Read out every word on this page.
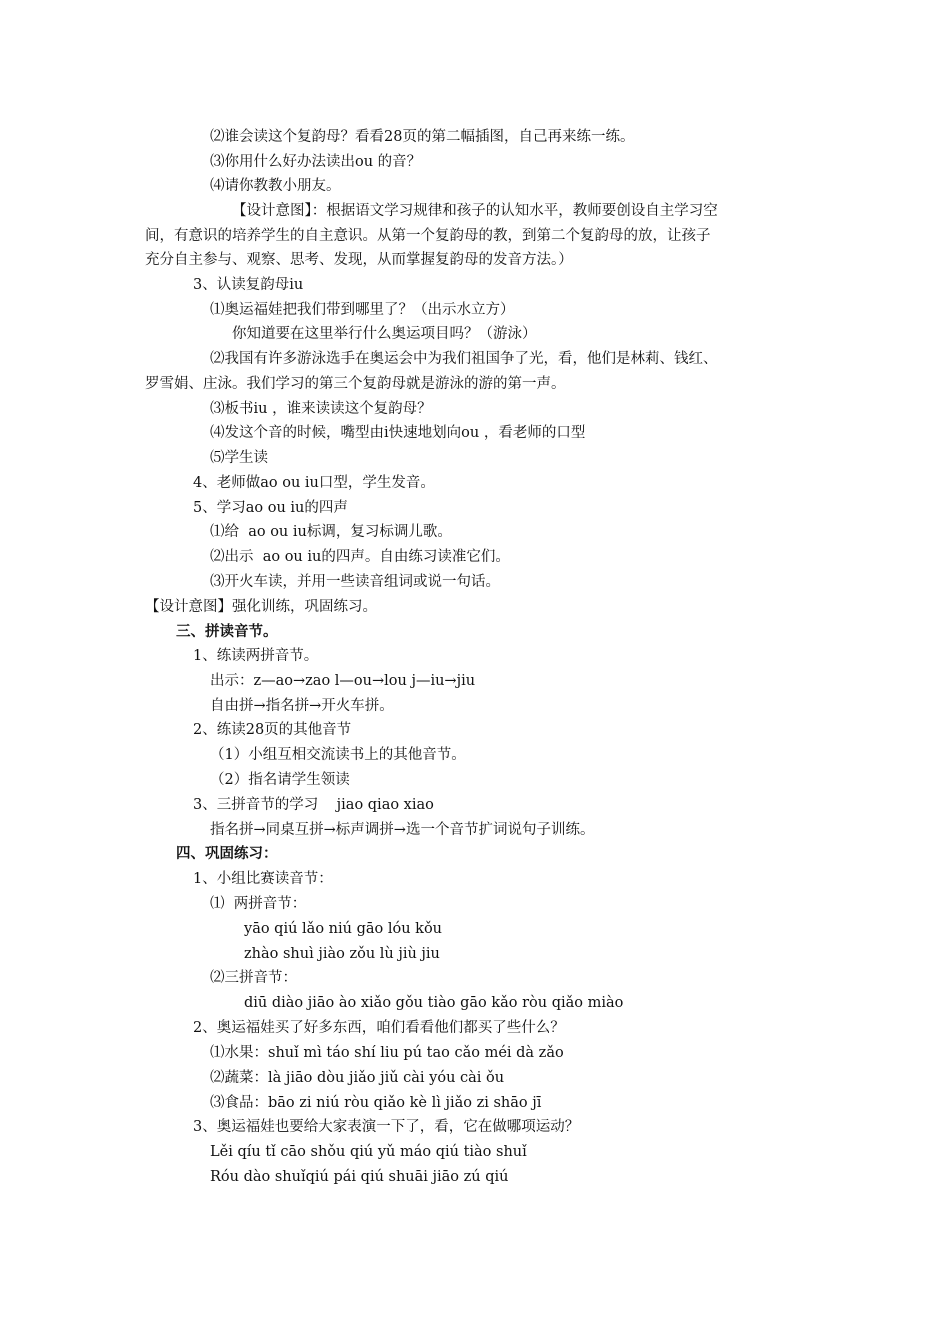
⑵谁会读这个复韵母？看看28页的第二幅插图，自己再来练一练。
⑶你用什么好办法读出ou 的音？
⑷请你教教小朋友。
【设计意图】：根据语文学习规律和孩子的认知水平，教师要创设自主学习空
间，有意识的培养学生的自主意识。从第一个复韵母的教，到第二个复韵母的放，让孩子
充分自主参与、观察、思考、发现，从而掌握复韵母的发音方法。）
3、认读复韵母iu
⑴奥运福娃把我们带到哪里了？（出示水立方）
你知道要在这里举行什么奥运项目吗？（游泳）
⑵我国有许多游泳选手在奥运会中为我们祖国争了光，看，他们是林莉、钱红、
罗雪娟、庄泳。我们学习的第三个复韵母就是游泳的游的第一声。
⑶板书iu ，谁来读读这个复韵母？
⑷发这个音的时候，嘴型由i快速地划向ou ，看老师的口型
⑸学生读
4、老师做ao ou iu口型，学生发音。
5、学习ao ou iu的四声
⑴给  ao ou iu标调，复习标调儿歌。
⑵出示  ao ou iu的四声。自由练习读准它们。
⑶开火车读，并用一些读音组词或说一句话。
【设计意图】强化训练，巩固练习。
三、拼读音节。
1、练读两拼音节。
出示：z—ao→zao l—ou→lou j—iu→jiu
自由拼→指名拼→开火车拼。
2、练读28页的其他音节
（1）小组互相交流读书上的其他音节。
（2）指名请学生领读
3、三拼音节的学习    jiao qiao xiao
指名拼→同桌互拼→标声调拼→选一个音节扩词说句子训练。
四、巩固练习：
1、小组比赛读音节：
⑴  两拼音节：
yāo qiú lǎo niú gāo lóu kǒu
zhào shuì jiào zǒu lù jiù jiu
⑵三拼音节：
diū diào jiāo ào xiǎo gǒu tiào gāo kǎo ròu qiǎo miào
2、奥运福娃买了好多东西，咱们看看他们都买了些什么？
⑴水果：shuǐ mì táo shí liu pú tao cǎo méi dà zǎo
⑵蔬菜：là jiāo dòu jiǎo jiǔ cài yóu cài ǒu
⑶食品：bāo zi niú ròu qiǎo kè lì jiǎo zi shāo jī
3、奥运福娃也要给大家表演一下了，看，它在做哪项运动？
Lěi qíu tǐ cāo shǒu qiú yǔ máo qiú tiào shuǐ
Róu dào shuǐqiú pái qiú shuāi jiāo zú qiú
